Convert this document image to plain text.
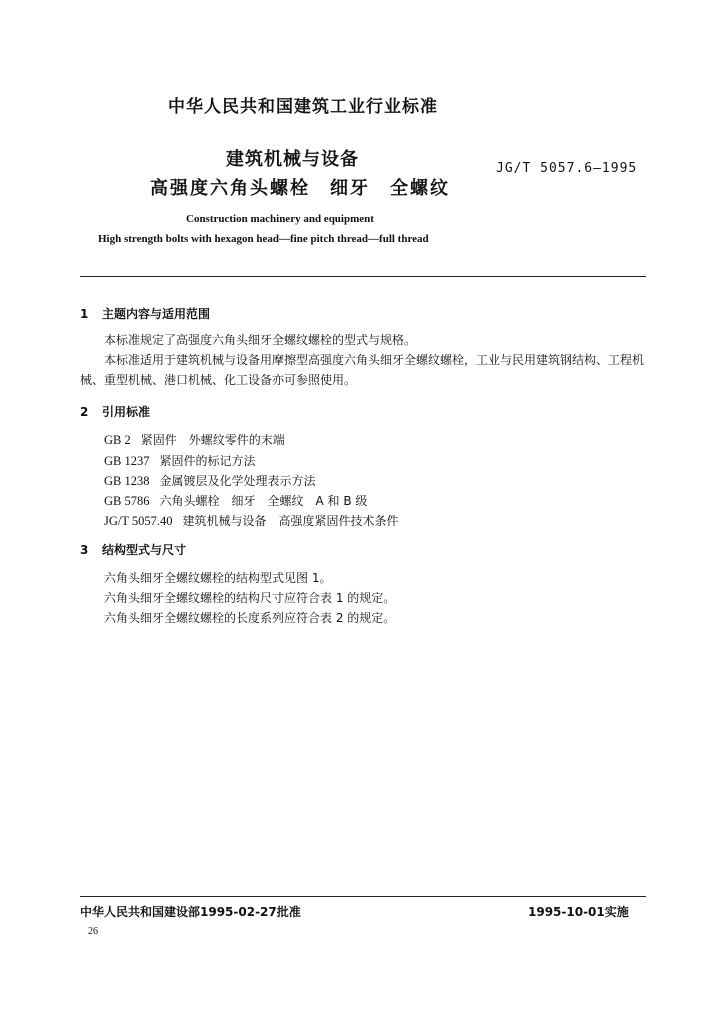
中华人民共和国建筑工业行业标准
建筑机械与设备
高强度六角头螺栓　细牙　全螺纹
JG/T 5057.6—1995
Construction machinery and equipment
High strength bolts with hexagon head—fine pitch thread—full thread
1 主题内容与适用范围
本标准规定了高强度六角头细牙全螺纹螺栓的型式与规格。
本标准适用于建筑机械与设备用摩擦型高强度六角头细牙全螺纹螺栓，工业与民用建筑钢结构、工程机械、重型机械、港口机械、化工设备亦可参照使用。
2 引用标准
GB 2 紧固件　外螺纹零件的末端
GB 1237 紧固件的标记方法
GB 1238 金属镀层及化学处理表示方法
GB 5786 六角头螺栓　细牙　全螺纹　A 和 B 级
JG/T 5057.40 建筑机械与设备　高强度紧固件技术条件
3 结构型式与尺寸
六角头细牙全螺纹螺栓的结构型式见图 1。
六角头细牙全螺纹螺栓的结构尺寸应符合表 1 的规定。
六角头细牙全螺纹螺栓的长度系列应符合表 2 的规定。
中华人民共和国建设部1995-02-27批准	1995-10-01实施
26
